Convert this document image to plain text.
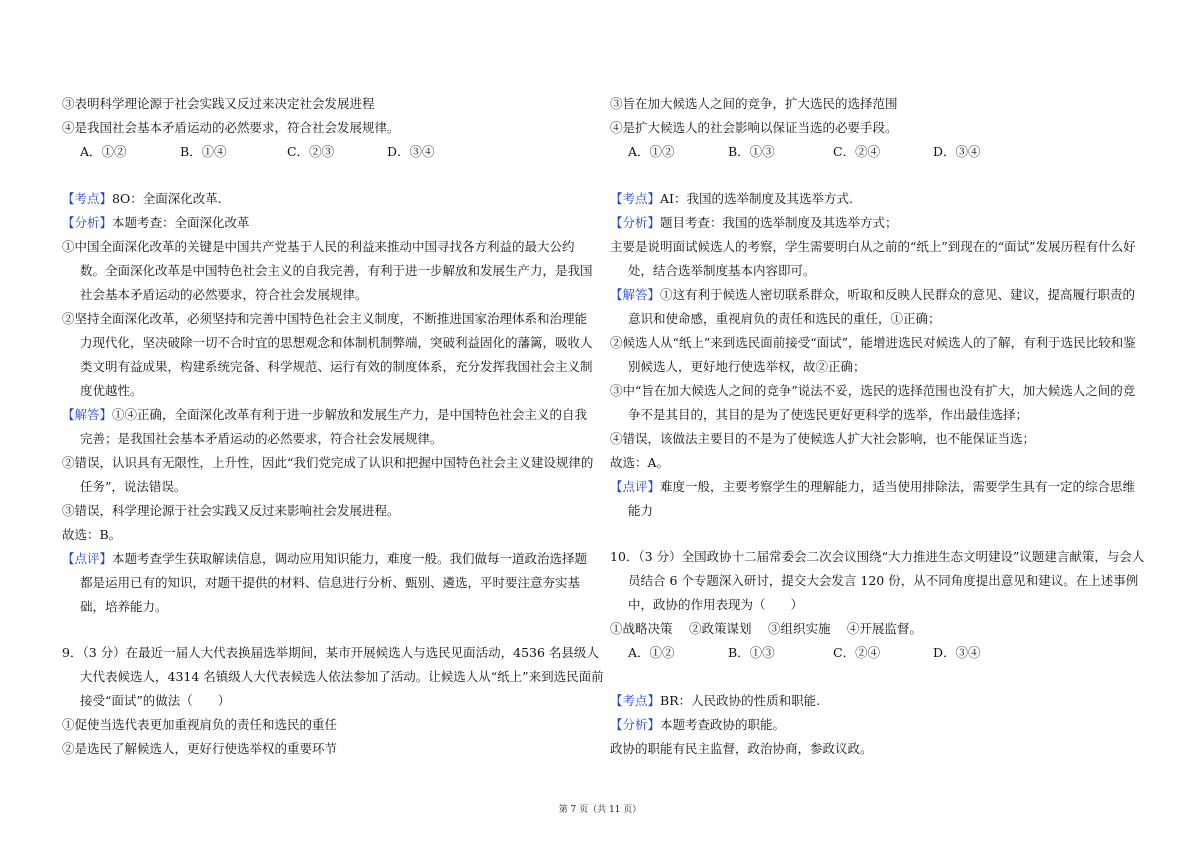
③表明科学理论源于社会实践又反过来决定社会发展进程
④是我国社会基本矛盾运动的必然要求，符合社会发展规律。
A．①②	B．①④	C．②③	D．③④
【考点】8O：全面深化改革.
【分析】本题考查：全面深化改革
①中国全面深化改革的关键是中国共产党基于人民的利益来推动中国寻找各方利益的最大公约
数。全面深化改革是中国特色社会主义的自我完善，有利于进一步解放和发展生产力，是我国
社会基本矛盾运动的必然要求，符合社会发展规律。
②坚持全面深化改革，必须坚持和完善中国特色社会主义制度，不断推进国家治理体系和治理能
力现代化，坚决破除一切不合时宜的思想观念和体制机制弊端，突破利益固化的藩篱，吸收人
类文明有益成果，构建系统完备、科学规范、运行有效的制度体系，充分发挥我国社会主义制
度优越性。
【解答】①④正确，全面深化改革有利于进一步解放和发展生产力，是中国特色社会主义的自我
完善；是我国社会基本矛盾运动的必然要求，符合社会发展规律。
②错误，认识具有无限性，上升性，因此“我们党完成了认识和把握中国特色社会主义建设规律的
任务”，说法错误。
③错误，科学理论源于社会实践又反过来影响社会发展进程。
故选：B。
【点评】本题考查学生获取解读信息，调动应用知识能力，难度一般。我们做每一道政治选择题
都是运用已有的知识，对题干提供的材料、信息进行分析、甄别、遴选，平时要注意夯实基
础，培养能力。
9．（3 分）在最近一届人大代表换届选举期间，某市开展候选人与选民见面活动，4536 名县级人
大代表候选人，4314 名镇级人大代表候选人依法参加了活动。让候选人从“纸上”来到选民面前
接受“面试”的做法（　　）
①促使当选代表更加重视肩负的责任和选民的重任
②是选民了解候选人，更好行使选举权的重要环节
③旨在加大候选人之间的竞争，扩大选民的选择范围
④是扩大候选人的社会影响以保证当选的必要手段。
A．①②	B．①③	C．②④	D．③④
【考点】AI：我国的选举制度及其选举方式.
【分析】题目考查：我国的选举制度及其选举方式；
主要是说明面试候选人的考察，学生需要明白从之前的“纸上”到现在的“面试”发展历程有什么好
处，结合选举制度基本内容即可。
【解答】①这有利于候选人密切联系群众，听取和反映人民群众的意见、建议，提高履行职责的
意识和使命感，重视肩负的责任和选民的重任，①正确；
②候选人从“纸上”来到选民面前接受“面试”，能增进选民对候选人的了解，有利于选民比较和鉴
别候选人，更好地行使选举权，故②正确；
③中“旨在加大候选人之间的竞争”说法不妥，选民的选择范围也没有扩大，加大候选人之间的竞
争不是其目的，其目的是为了使选民更好更科学的选举，作出最佳选择；
④错误，该做法主要目的不是为了使候选人扩大社会影响，也不能保证当选；
故选：A。
【点评】难度一般，主要考察学生的理解能力，适当使用排除法，需要学生具有一定的综合思维
能力
10．（3 分）全国政协十二届常委会二次会议围绕“大力推进生态文明建设”议题建言献策，与会人
员结合 6 个专题深入研讨，提交大会发言 120 份，从不同角度提出意见和建议。在上述事例
中，政协的作用表现为（　　）
①战略决策　 ②政策谋划　 ③组织实施　 ④开展监督。
A．①②	B．①③	C．②④	D．③④
【考点】BR：人民政协的性质和职能.
【分析】本题考查政协的职能。
政协的职能有民主监督，政治协商，参政议政。
第 7 页（共 11 页）
